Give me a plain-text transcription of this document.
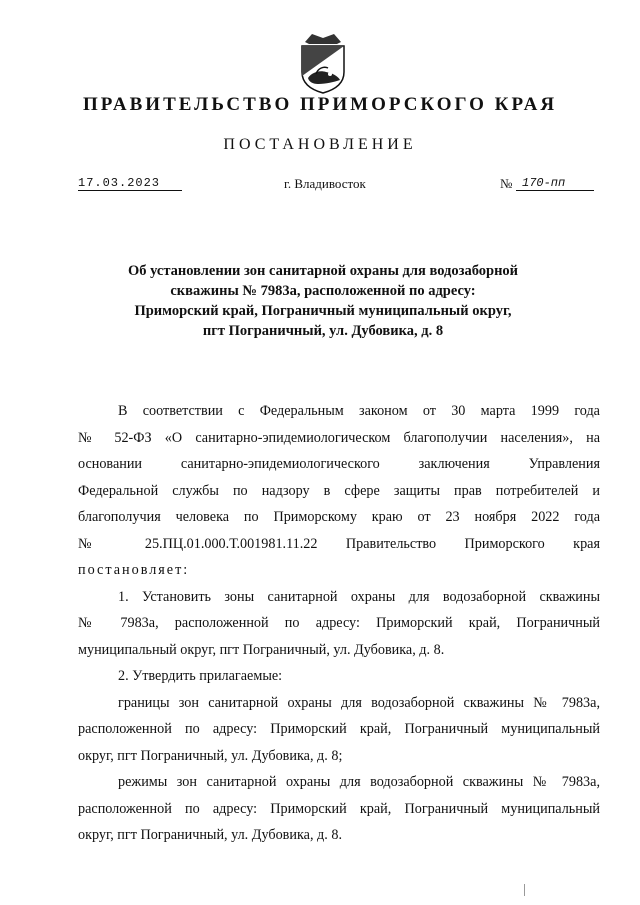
ПРАВИТЕЛЬСТВО ПРИМОРСКОГО КРАЯ
ПОСТАНОВЛЕНИЕ
17.03.2023	г. Владивосток	№ 170-пп
Об установлении зон санитарной охраны для водозаборной
скважины № 7983а, расположенной по адресу:
Приморский край, Пограничный муниципальный округ,
пгт Пограничный, ул. Дубовика, д. 8
В соответствии с Федеральным законом от 30 марта 1999 года
№ 52-ФЗ «О санитарно-эпидемиологическом благополучии населения», на
основании санитарно-эпидемиологического заключения Управления
Федеральной службы по надзору в сфере защиты прав потребителей и
благополучия человека по Приморскому краю от 23 ноября 2022 года
№ 25.ПЦ.01.000.Т.001981.11.22 Правительство Приморского края
постановляет:
1. Установить зоны санитарной охраны для водозаборной скважины
№ 7983а, расположенной по адресу: Приморский край, Пограничный
муниципальный округ, пгт Пограничный, ул. Дубовика, д. 8.
2. Утвердить прилагаемые:
границы зон санитарной охраны для водозаборной скважины № 7983а,
расположенной по адресу: Приморский край, Пограничный муниципальный
округ, пгт Пограничный, ул. Дубовика, д. 8;
режимы зон санитарной охраны для водозаборной скважины № 7983а,
расположенной по адресу: Приморский край, Пограничный муниципальный
округ, пгт Пограничный, ул. Дубовика, д. 8.
